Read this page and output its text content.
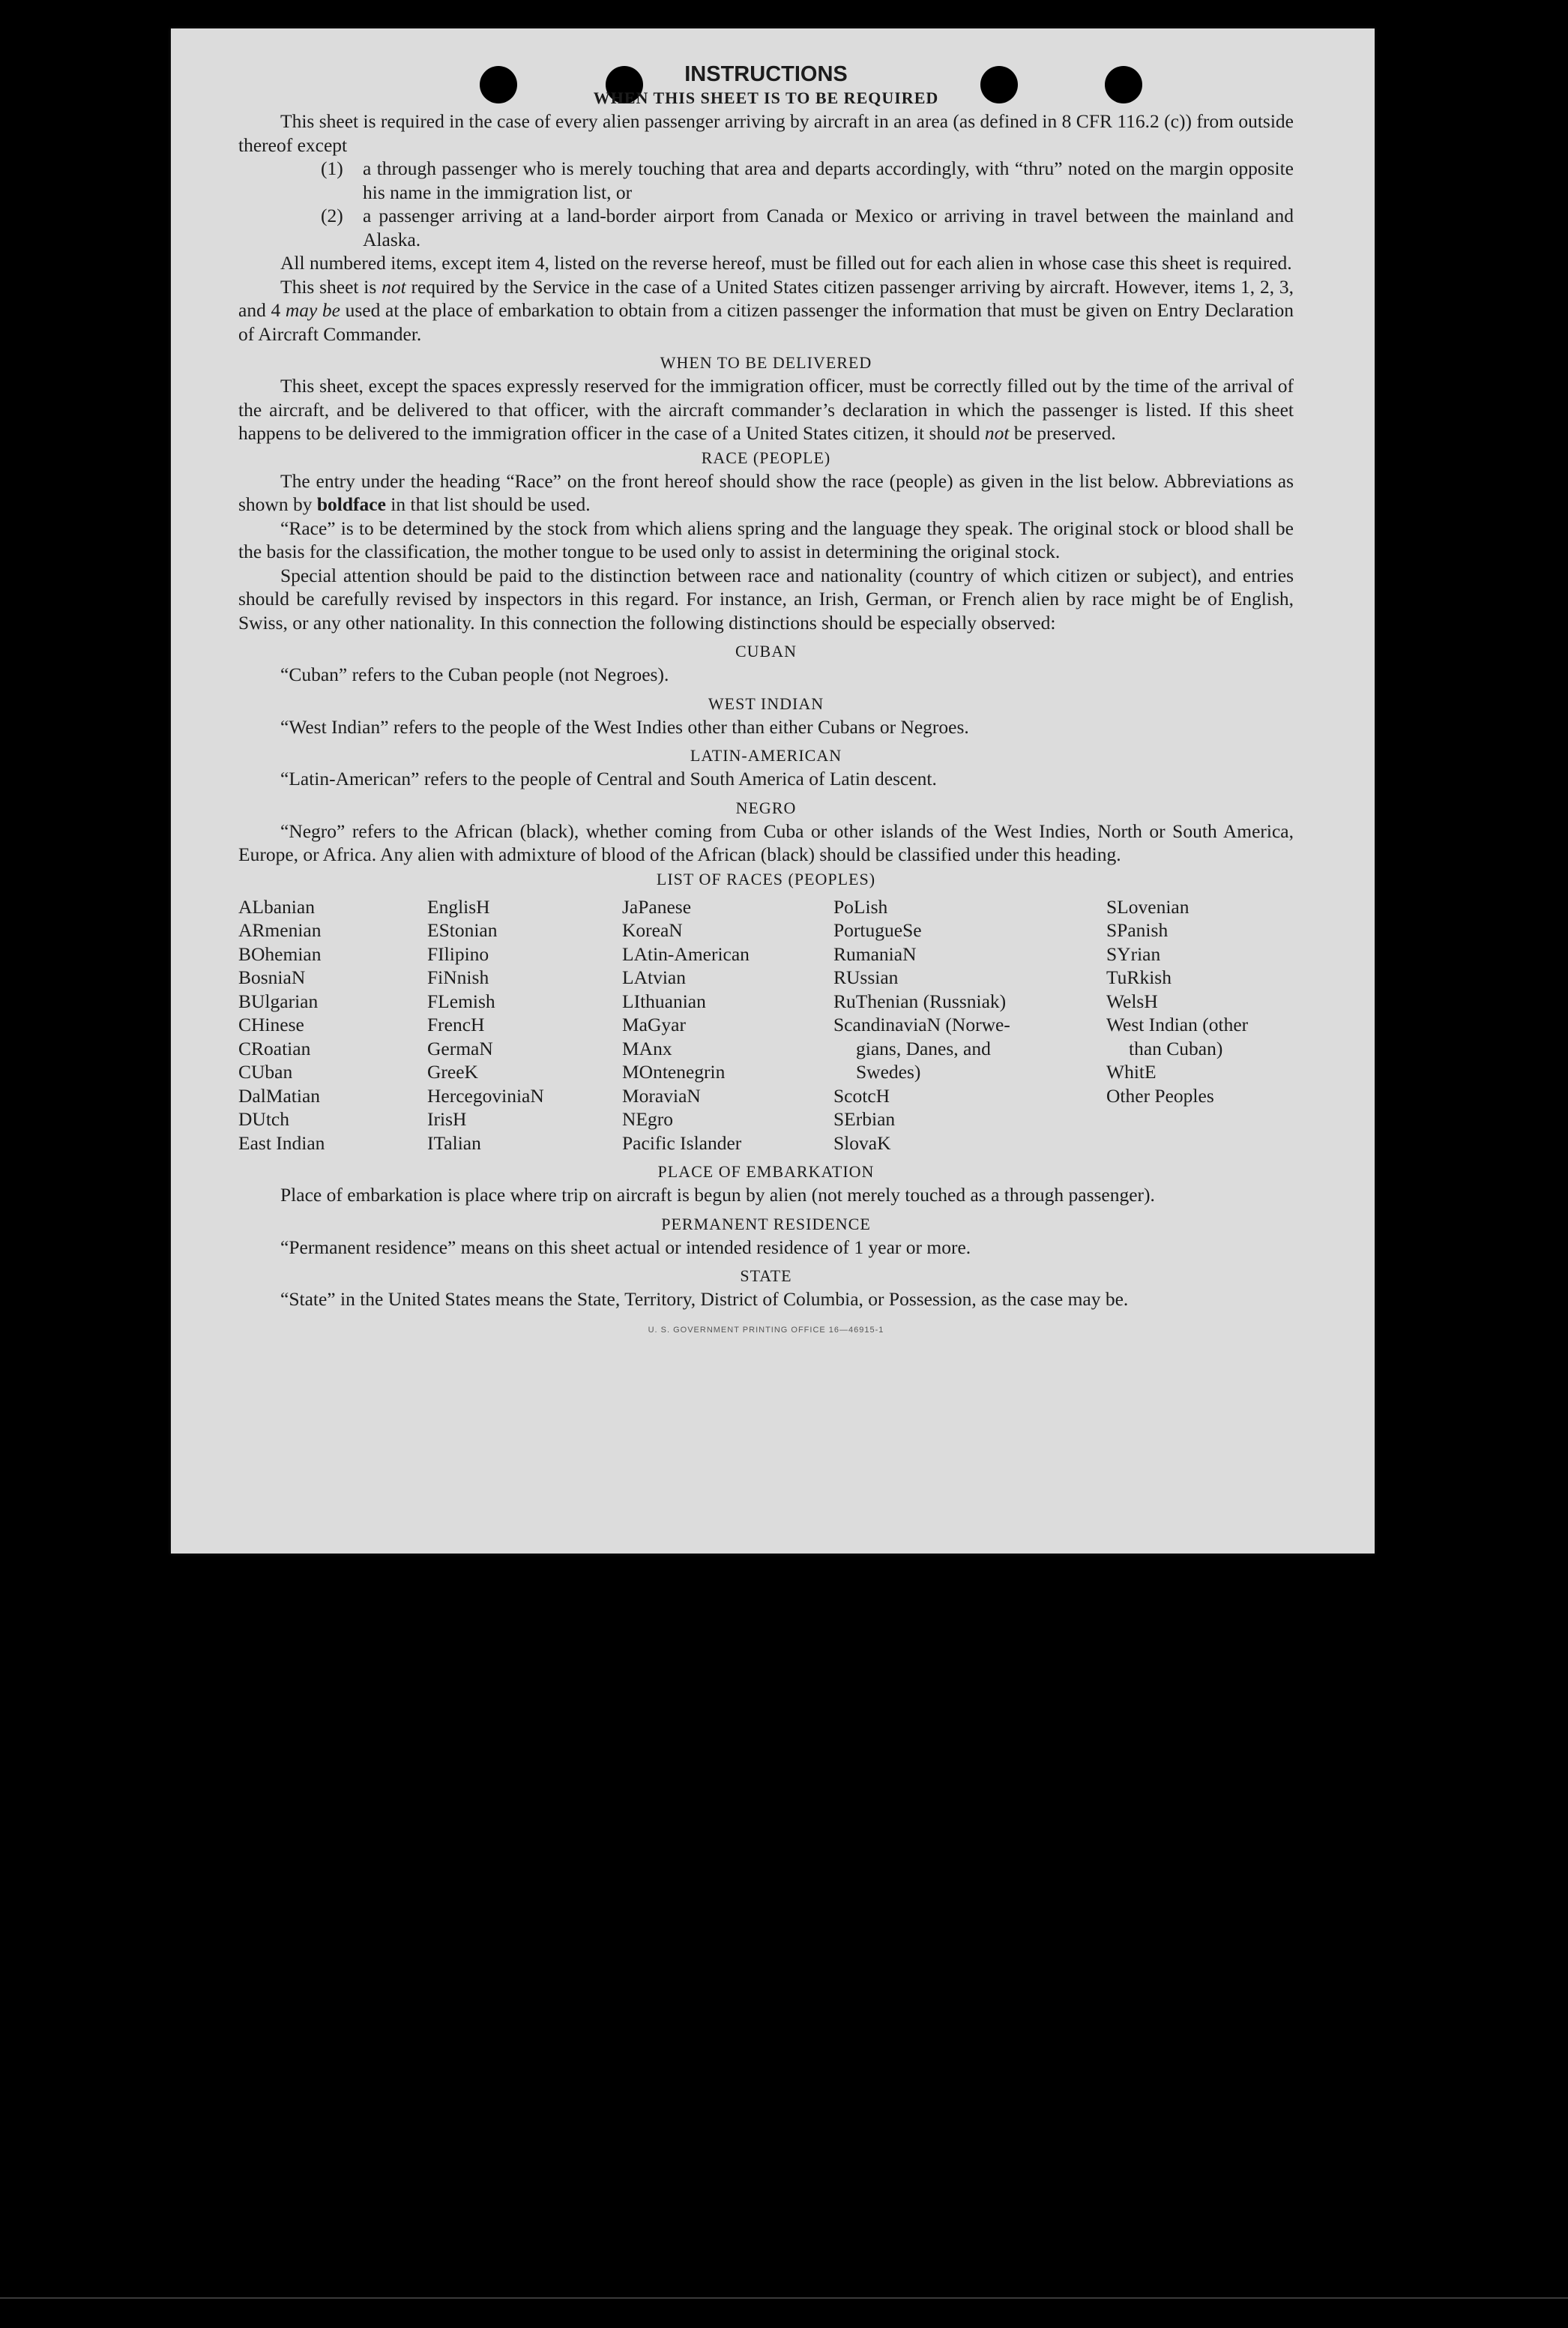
INSTRUCTIONS
WHEN THIS SHEET IS TO BE REQUIRED

This sheet is required in the case of every alien passenger arriving by aircraft in an area (as defined in 8 CFR 116.2 (c)) from outside thereof except

(1)	a through passenger who is merely touching that area and departs accordingly, with “thru” noted on the margin opposite his name in the immigration list, or
(2)	a passenger arriving at a land-border airport from Canada or Mexico or arriving in travel between the mainland and Alaska.

All numbered items, except item 4, listed on the reverse hereof, must be filled out for each alien in whose case this sheet is required.

This sheet is not required by the Service in the case of a United States citizen passenger arriving by aircraft. However, items 1, 2, 3, and 4 may be used at the place of embarkation to obtain from a citizen passenger the information that must be given on Entry Declaration of Aircraft Commander.

WHEN TO BE DELIVERED

This sheet, except the spaces expressly reserved for the immigration officer, must be correctly filled out by the time of the arrival of the aircraft, and be delivered to that officer, with the aircraft commander’s declaration in which the passenger is listed. If this sheet happens to be delivered to the immigration officer in the case of a United States citizen, it should not be preserved.

RACE (PEOPLE)

The entry under the heading “Race” on the front hereof should show the race (people) as given in the list below. Abbreviations as shown by boldface in that list should be used.

“Race” is to be determined by the stock from which aliens spring and the language they speak. The original stock or blood shall be the basis for the classification, the mother tongue to be used only to assist in determining the original stock.

Special attention should be paid to the distinction between race and nationality (country of which citizen or subject), and entries should be carefully revised by inspectors in this regard. For instance, an Irish, German, or French alien by race might be of English, Swiss, or any other nationality. In this connection the following distinctions should be especially observed:

CUBAN

“Cuban” refers to the Cuban people (not Negroes).

WEST INDIAN

“West Indian” refers to the people of the West Indies other than either Cubans or Negroes.

LATIN-AMERICAN

“Latin-American” refers to the people of Central and South America of Latin descent.

NEGRO

“Negro” refers to the African (black), whether coming from Cuba or other islands of the West Indies, North or South America, Europe, or Africa. Any alien with admixture of blood of the African (black) should be classified under this heading.

LIST OF RACES (PEOPLES)
ALbanian
ARmenian
BOhemian
BosniaN
BUlgarian
CHinese
CRoatian
CUban
DalMatian
DUtch
East Indian
EnglisH
EStonian
FIlipino
FiNnish
FLemish
FrencH
GermaN
GreeK
HercegoviniaN
IrisH
ITalian
JaPanese
KoreaN
LAtin-American
LAtvian
LIthuanian
MaGyar
MAnx
MOntenegrin
MoraviaN
NEgro
Pacific Islander
PoLish
PortugueSe
RumaniaN
RUssian
RuThenian (Russniak)
ScandinaviaN (Norwe-
gians, Danes, and
Swedes)
ScotcH
SErbian
SlovaK
SLovenian
SPanish
SYrian
TuRkish
WelsH
West Indian (other
than Cuban)
WhitE
Other Peoples
PLACE OF EMBARKATION

Place of embarkation is place where trip on aircraft is begun by alien (not merely touched as a through passenger).

PERMANENT RESIDENCE

“Permanent residence” means on this sheet actual or intended residence of 1 year or more.

STATE

“State” in the United States means the State, Territory, District of Columbia, or Possession, as the case may be.

U. S. GOVERNMENT PRINTING OFFICE 16—46915-1
